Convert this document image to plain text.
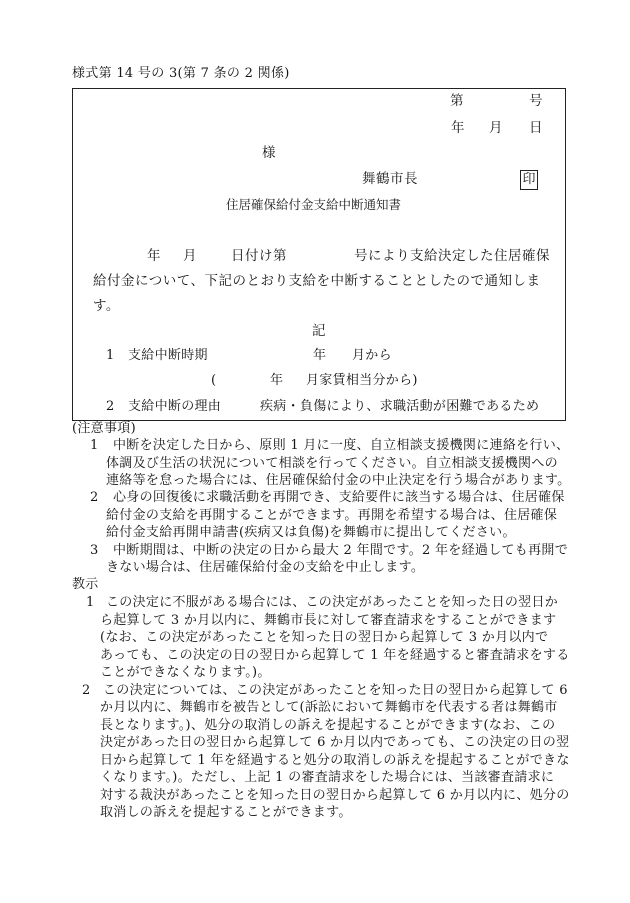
様式第 14 号の 3(第 7 条の 2 関係)
第	号
年 月 日
様
舞鶴市長	印
住居確保給付金支給中断通知書
年 月	日付け第	号により支給決定した住居確保
給付金について、下記のとおり支給を中断することとしたので通知しま
す。
記
1 支給中断時期	年 月から
(	年 月家賃相当分から)
2 支給中断の理由	疾病・負傷により、求職活動が困難であるため
(注意事項)
1 中断を決定した日から、原則 1 月に一度、自立相談支援機関に連絡を行い、
体調及び生活の状況について相談を行ってください。自立相談支援機関への
連絡等を怠った場合には、住居確保給付金の中止決定を行う場合があります。
2 心身の回復後に求職活動を再開でき、支給要件に該当する場合は、住居確保
給付金の支給を再開することができます。再開を希望する場合は、住居確保
給付金支給再開申請書(疾病又は負傷)を舞鶴市に提出してください。
3 中断期間は、中断の決定の日から最大 2 年間です。2 年を経過しても再開で
きない場合は、住居確保給付金の支給を中止します。
教示
1 この決定に不服がある場合には、この決定があったことを知った日の翌日か
ら起算して 3 か月以内に、舞鶴市長に対して審査請求をすることができます
(なお、この決定があったことを知った日の翌日から起算して 3 か月以内で
あっても、この決定の日の翌日から起算して 1 年を経過すると審査請求をする
ことができなくなります。)。
2 この決定については、この決定があったことを知った日の翌日から起算して 6
か月以内に、舞鶴市を被告として(訴訟において舞鶴市を代表する者は舞鶴市
長となります。)、処分の取消しの訴えを提起することができます(なお、この
決定があった日の翌日から起算して 6 か月以内であっても、この決定の日の翌
日から起算して 1 年を経過すると処分の取消しの訴えを提起することができな
くなります。)。ただし、上記 1 の審査請求をした場合には、当該審査請求に
対する裁決があったことを知った日の翌日から起算して 6 か月以内に、処分の
取消しの訴えを提起することができます。
